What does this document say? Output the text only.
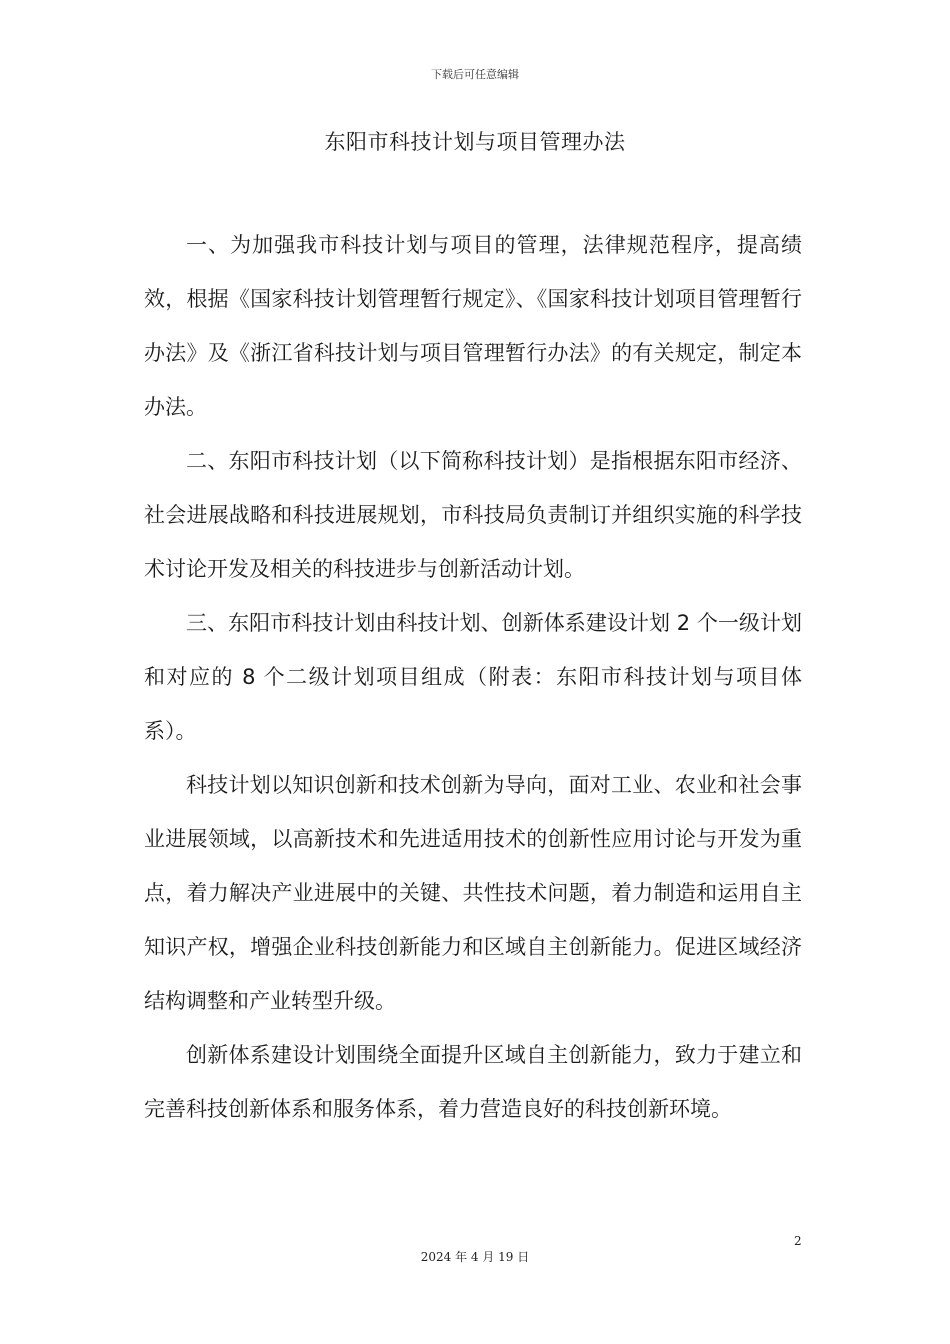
下载后可任意编辑
东阳市科技计划与项目管理办法

一、为加强我市科技计划与项目的管理，法律规范程序，提高绩效，根据《国家科技计划管理暂行规定》、《国家科技计划项目管理暂行办法》及《浙江省科技计划与项目管理暂行办法》的有关规定，制定本办法。

二、东阳市科技计划（以下简称科技计划）是指根据东阳市经济、社会进展战略和科技进展规划，市科技局负责制订并组织实施的科学技术讨论开发及相关的科技进步与创新活动计划。

三、东阳市科技计划由科技计划、创新体系建设计划 2 个一级计划和对应的 8 个二级计划项目组成（附表：东阳市科技计划与项目体系）。

科技计划以知识创新和技术创新为导向，面对工业、农业和社会事业进展领域，以高新技术和先进适用技术的创新性应用讨论与开发为重点，着力解决产业进展中的关键、共性技术问题，着力制造和运用自主知识产权，增强企业科技创新能力和区域自主创新能力。促进区域经济结构调整和产业转型升级。

创新体系建设计划围绕全面提升区域自主创新能力，致力于建立和完善科技创新体系和服务体系，着力营造良好的科技创新环境。

2
2024 年 4 月 19 日
